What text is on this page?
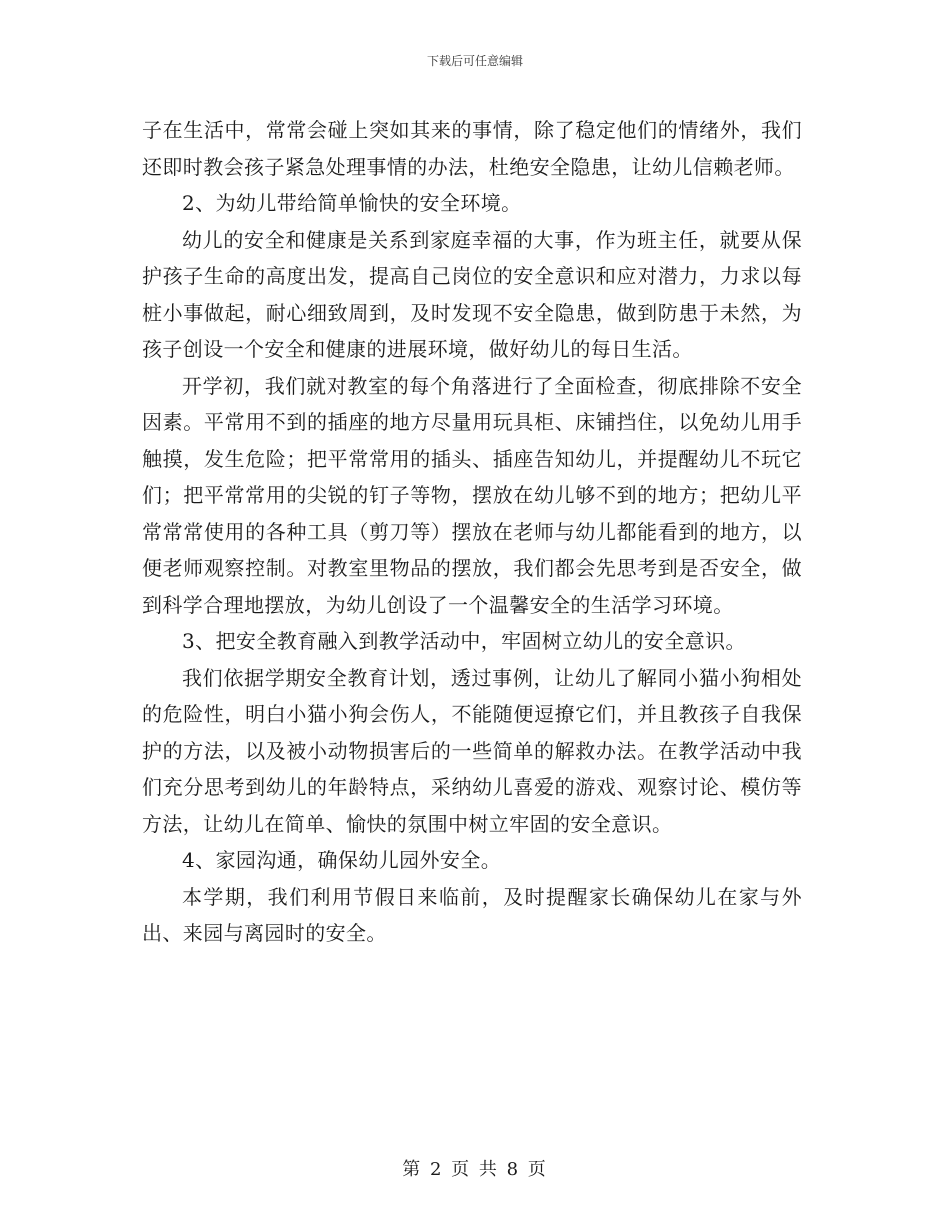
下载后可任意编辑

子在生活中，常常会碰上突如其来的事情，除了稳定他们的情绪外，我们还即时教会孩子紧急处理事情的办法，杜绝安全隐患，让幼儿信赖老师。

2、为幼儿带给简单愉快的安全环境。

幼儿的安全和健康是关系到家庭幸福的大事，作为班主任，就要从保护孩子生命的高度出发，提高自己岗位的安全意识和应对潜力，力求以每桩小事做起，耐心细致周到，及时发现不安全隐患，做到防患于未然，为孩子创设一个安全和健康的进展环境，做好幼儿的每日生活。

开学初，我们就对教室的每个角落进行了全面检查，彻底排除不安全因素。平常用不到的插座的地方尽量用玩具柜、床铺挡住，以免幼儿用手触摸，发生危险；把平常常用的插头、插座告知幼儿，并提醒幼儿不玩它们；把平常常用的尖锐的钉子等物，摆放在幼儿够不到的地方；把幼儿平常常常使用的各种工具（剪刀等）摆放在老师与幼儿都能看到的地方，以便老师观察控制。对教室里物品的摆放，我们都会先思考到是否安全，做到科学合理地摆放，为幼儿创设了一个温馨安全的生活学习环境。

3、把安全教育融入到教学活动中，牢固树立幼儿的安全意识。

我们依据学期安全教育计划，透过事例，让幼儿了解同小猫小狗相处的危险性，明白小猫小狗会伤人，不能随便逗撩它们，并且教孩子自我保护的方法，以及被小动物损害后的一些简单的解救办法。在教学活动中我们充分思考到幼儿的年龄特点，采纳幼儿喜爱的游戏、观察讨论、模仿等方法，让幼儿在简单、愉快的氛围中树立牢固的安全意识。

4、家园沟通，确保幼儿园外安全。

本学期，我们利用节假日来临前，及时提醒家长确保幼儿在家与外出、来园与离园时的安全。

第 2 页 共 8 页
